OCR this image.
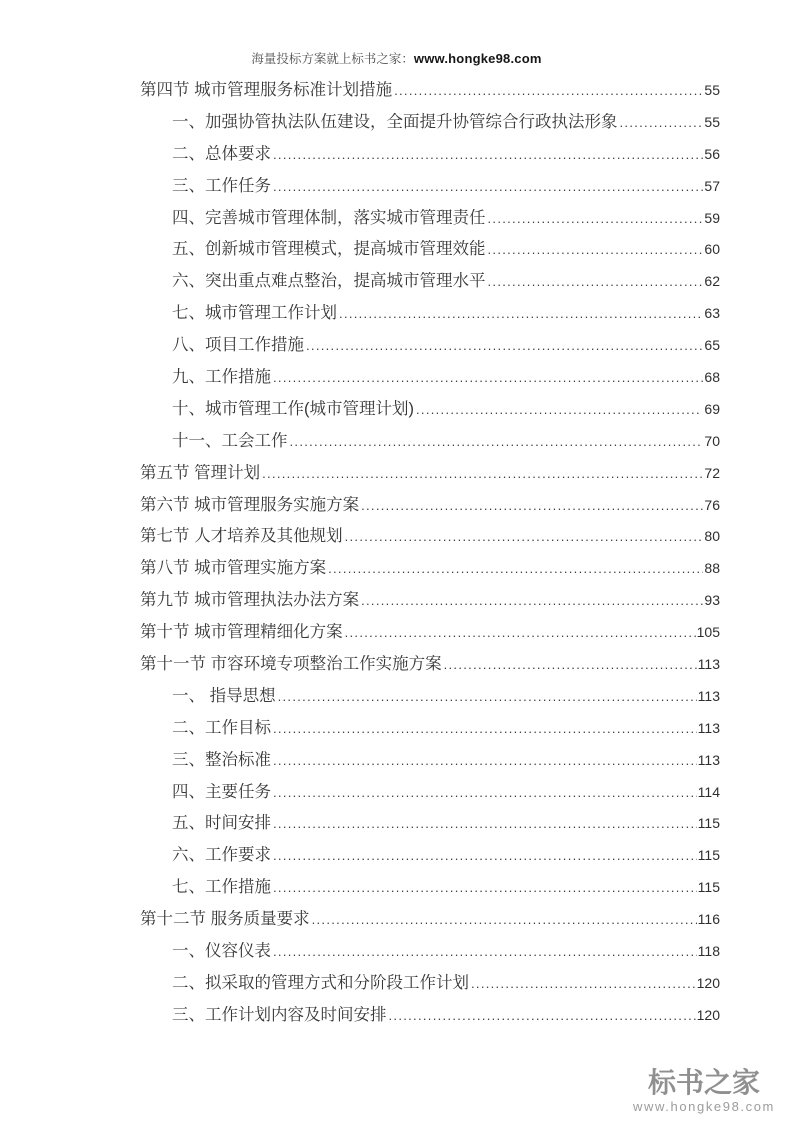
海量投标方案就上标书之家：www.hongke98.com
第四节 城市管理服务标准计划措施 .....	55
一、加强协管执法队伍建设，全面提升协管综合行政执法形象 .....	55
二、总体要求 .....	56
三、工作任务 .....	57
四、完善城市管理体制，落实城市管理责任 .....	59
五、创新城市管理模式，提高城市管理效能 .....	60
六、突出重点难点整治，提高城市管理水平 .....	62
七、城市管理工作计划 .....	63
八、项目工作措施 .....	65
九、工作措施 .....	68
十、城市管理工作(城市管理计划) .....	69
十一、工会工作 .....	70
第五节 管理计划 .....	72
第六节 城市管理服务实施方案 .....	76
第七节 人才培养及其他规划 .....	80
第八节 城市管理实施方案 .....	88
第九节 城市管理执法办法方案 .....	93
第十节 城市管理精细化方案 .....	105
第十一节 市容环境专项整治工作实施方案 .....	113
一、 指导思想 .....	113
二、工作目标 .....	113
三、整治标准 .....	113
四、主要任务 .....	114
五、时间安排 .....	115
六、工作要求 .....	115
七、工作措施 .....	115
第十二节 服务质量要求 .....	116
一、仪容仪表 .....	118
二、拟采取的管理方式和分阶段工作计划 .....	120
三、工作计划内容及时间安排 .....	120
标书之家
www.hongke98.com
